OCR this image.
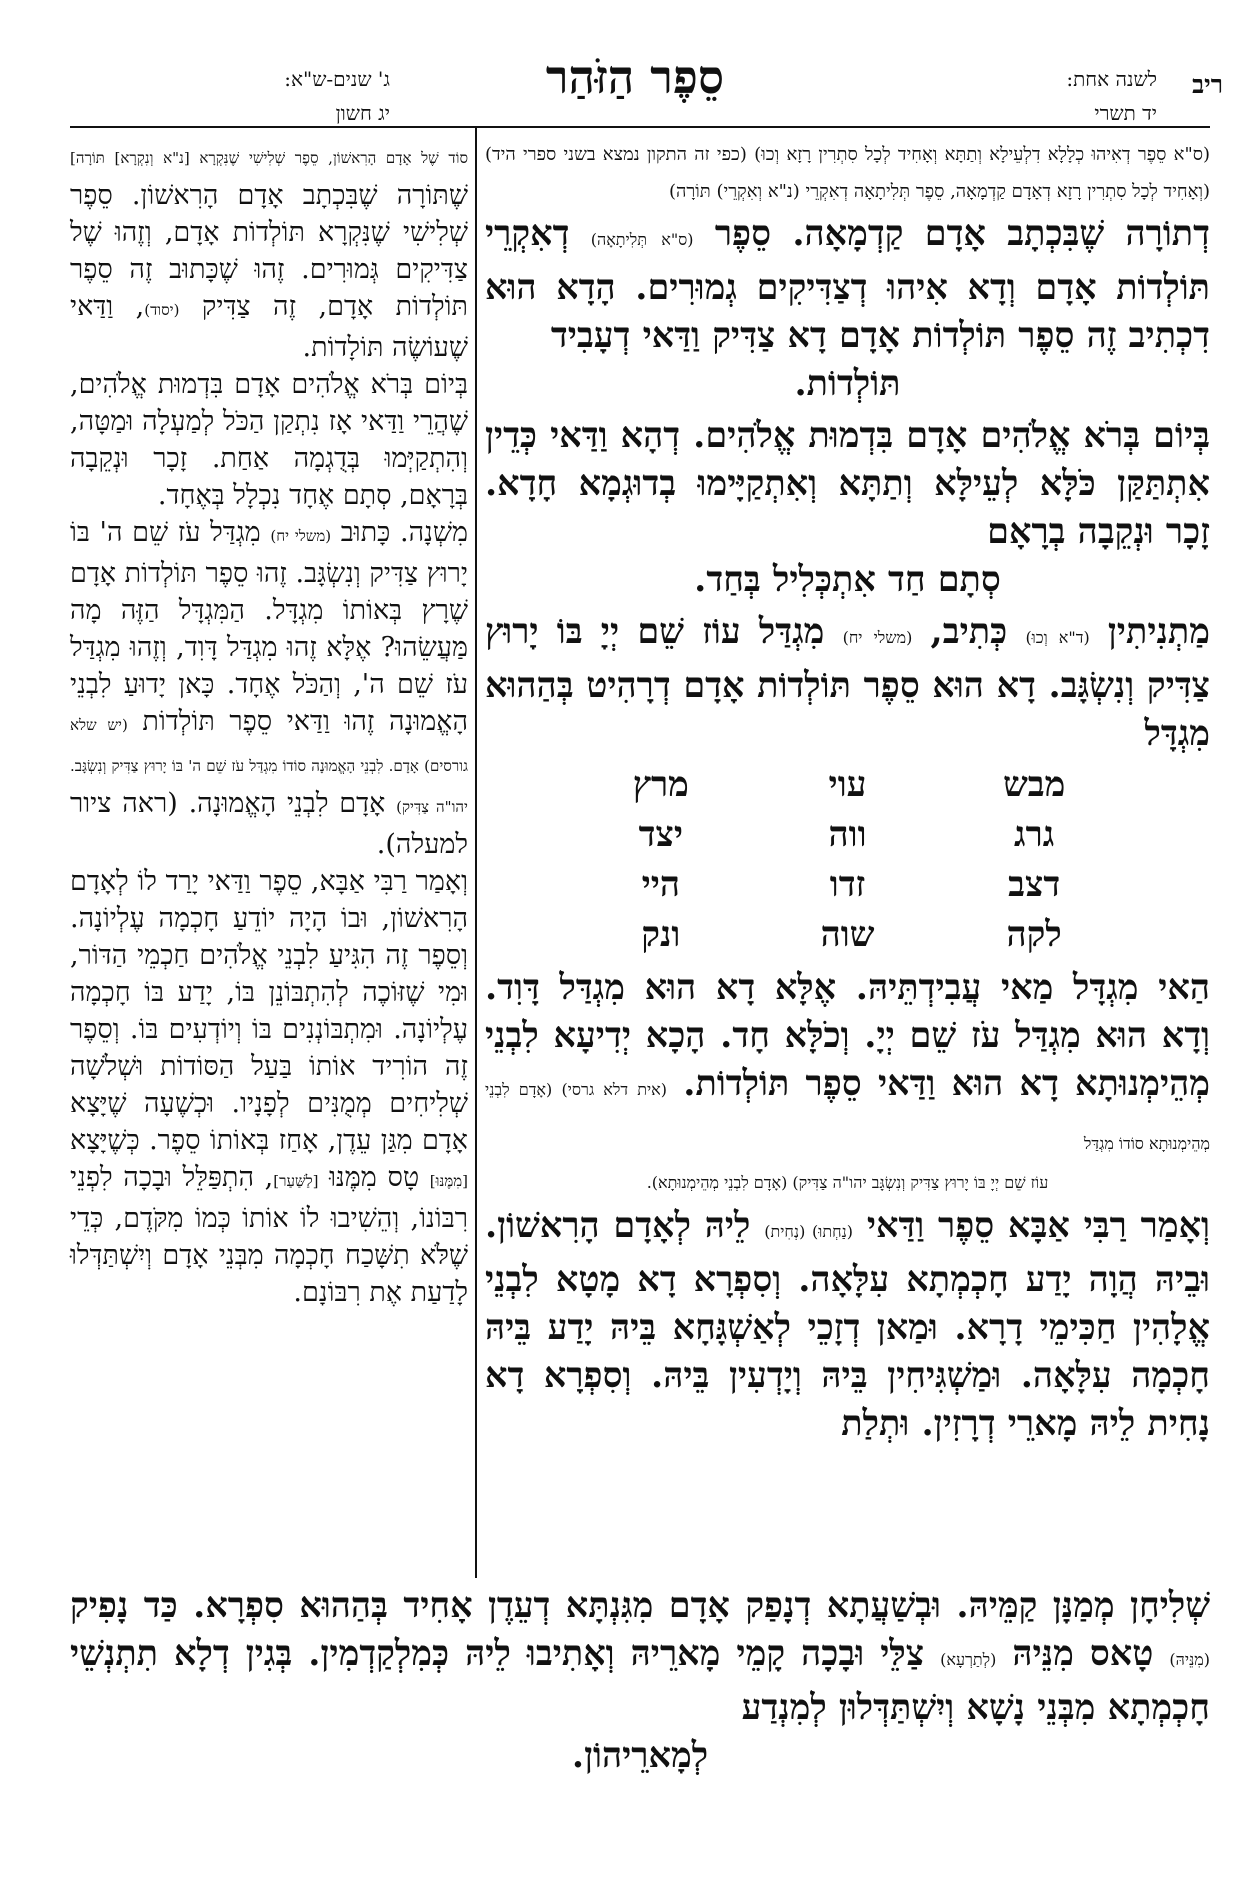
ריב
לשנה אחת:
יד תשרי
סֵפֶר הַזֹּהַר
ג' שנים-ש"א:
יג חשון

(ס"א סֵפֶר דְאִיהוּ כְלָלָא דִלְעֵילָא וְתַתָּא וְאָחִיד לְכָל סִתְרִין רָזָא וְכוּ) (כפי זה התקון נמצא בשני ספרי היד) (וְאָחִיד לְכָל סִתְרִין רָזָא דְאָדָם קַדְמָאָה, סֵפֶר תְּלִיתָאָה דְאִקְרֵי (נ"א וְאִקְרֵי) תּוֹרָה)

דְתוֹרָה שֶׁבִּכְתָב אָדָם קַדְמָאָה. סֵפֶר (ס"א תְּלִיתָאָה) דְאִקְרֵי תּוֹלְדוֹת אָדָם וְדָא אִיהוּ דְצַדִּיקִים גְמוּרִים. הָדָא הוּא דִכְתִיב זֶה סֵפֶר תּוֹלְדוֹת אָדָם דָא צַדִּיק וַדַּאי דְעָבִיד

תּוֹלְדוֹת.

בְּיוֹם בְּרֹא אֱלֹהִים אָדָם בִּדְמוּת אֱלֹהִים. דְהָא וַדַּאי כְּדֵין אִתְתַּקַּן כֹּלָּא לְעֵילָּא וְתַתָּא וְאִתְקַיָּימוּ בְדוּגְמָא חָדָא. זָכָר וּנְקֵבָה בְרָאָם

סְתָם חַד אִתְכְּלִיל בְּחַד.

מַתְנִיתִין (ד"א וְכוּ) כְּתִיב, (משלי יח) מִגְדַּל עוֹז שֵׁם יְיָ בּוֹ יָרוּץ צַדִּיק וְנִשְׂגָּב. דָא הוּא סֵפֶר תּוֹלְדוֹת אָדָם דְרָהִיט בְּהַהוּא מִגְדָּל

מבש
עוי
מרץ
גרג
ווה
יצד
דצב
זדו
היי
לקה
שוה
ונק

הַאי מִגְדָּל מַאי עֲבִידְתֵּיהּ. אֶלָּא דָא הוּא מִגְדַּל דָּוִד. וְדָא הוּא מִגְדַּל עֹז שֵׁם יְיָ. וְכֹלָּא חָד. הָכָא יְדִיעָא לִבְנֵי מְהֵימְנוּתָא דָא הוּא וַדַּאי סֵפֶר תּוֹלְדוֹת. (אית דלא גרסי) (אָדָם לִבְנֵי מְהֵימְנוּתָא סוֹדוֹ מִגְדַּל

עוֹז שֵׁם יְיָ בּוֹ יָרוּץ צַדִּיק וְנִשְׂגָּב יהו"ה צַדִּיק) (אָדָם לִבְנֵי מְהֵימְנוּתָא).

וְאָמַר רַבִּי אַבָּא סֵפֶר וַדַּאי (נַחְתוּ) (נְחִית) לֵיהּ לְאָדָם הָרִאשׁוֹן. וּבֵיהּ הֲוָה יָדַע חָכְמְתָא עִלָּאָה. וְסִפְרָא דָא מָטָא לִבְנֵי אֱלָהִין חַכִּימֵי דָרָא. וּמַאן דְזָכֵי לְאַשְׁגָּחָא בֵּיהּ יָדַע בֵּיהּ חָכְמָה עִלָּאָה. וּמַשְׁגִּיחִין בֵּיהּ וְיָדְעִין בֵּיהּ. וְסִפְרָא דָא נָחִית לֵיהּ מָארֵי דְרָזִין. וּתְלַת

סוֹד שֶׁל אָדָם הָרִאשׁוֹן, סֵפֶר שְׁלִישִׁי שֶׁנִּקְרָא [נ"א וְנִקְרָא] תּוֹרָה] שֶׁתּוֹרָה שֶׁבִּכְתָב אָדָם הָרִאשׁוֹן. סֵפֶר שְׁלִישִׁי שֶׁנִּקְרָא תּוֹלְדוֹת אָדָם, וְזֶהוּ שֶׁל צַדִּיקִים גְּמוּרִים. זֶהוּ שֶׁכָּתוּב זֶה סֵפֶר תּוֹלְדוֹת אָדָם, זֶה צַדִּיק (יסוד), וַדַּאי שֶׁעוֹשֶׂה תּוֹלָדוֹת.

בְּיוֹם בְּרֹא אֱלֹהִים אָדָם בִּדְמוּת אֱלֹהִים, שֶׁהֲרֵי וַדַּאי אָז נִתְקַן הַכֹּל לְמַעְלָה וּמַטָּה, וְהִתְקַיְּמוּ בְּדֻגְמָה אַחַת. זָכָר וּנְקֵבָה בְּרָאָם, סְתָם אֶחָד נִכְלָל בְּאֶחָד.

מִשְׁנָה. כָּתוּב (משלי יח) מִגְדַּל עֹז שֵׁם ה' בּוֹ יָרוּץ צַדִּיק וְנִשְׂגָּב. זֶהוּ סֵפֶר תּוֹלְדוֹת אָדָם שֶׁרָץ בְּאוֹתוֹ מִגְדָּל. הַמִּגְדָּל הַזֶּה מָה מַּעֲשֵׂהוּ? אֶלָּא זֶהוּ מִגְדַּל דָּוִד, וְזֶהוּ מִגְדַּל עֹז שֵׁם ה', וְהַכֹּל אֶחָד. כָּאן יָדוּעַ לִבְנֵי הָאֱמוּנָה זֶהוּ וַדַּאי סֵפֶר תּוֹלְדוֹת (יש שלא גורסים) אָדָם. לִבְנֵי הָאֱמוּנָה סוֹדוֹ מִגְדַּל עֹז שֵׁם ה' בּוֹ יָרוּץ צַדִּיק וְנִשְׂגָּב. יהו"ה צַדִּיק) אָדָם לִבְנֵי הָאֱמוּנָה. (ראה ציור למעלה).

וְאָמַר רַבִּי אַבָּא, סֵפֶר וַדַּאי יָרַד לוֹ לְאָדָם הָרִאשׁוֹן, וּבוֹ הָיָה יוֹדֵעַ חָכְמָה עֶלְיוֹנָה. וְסֵפֶר זֶה הִגִּיעַ לִבְנֵי אֱלֹהִים חַכְמֵי הַדּוֹר, וּמִי שֶׁזּוֹכֶה לְהִתְבּוֹנֵן בּוֹ, יָדַע בּוֹ חָכְמָה עֶלְיוֹנָה. וּמִתְבּוֹנְנִים בּוֹ וְיוֹדְעִים בּוֹ. וְסֵפֶר זֶה הוֹרִיד אוֹתוֹ בַּעַל הַסּוֹדוֹת וּשְׁלֹשָׁה שְׁלִיחִים מְמֻנִּים לְפָנָיו. וּכְשֶׁעָה שֶׁיָּצָא אָדָם מִגַּן עֵדֶן, אָחַז בְּאוֹתוֹ סֵפֶר. כְּשֶׁיָּצָא [מִמֶּנּוּ] טָס מִמֶּנּוּ [לַשַּׁעַר], הִתְפַּלֵּל וּבָכָה לִפְנֵי רִבּוֹנוֹ, וְהֵשִׁיבוּ לוֹ אוֹתוֹ כְּמוֹ מִקֹּדֶם, כְּדֵי שֶׁלֹּא תִשָּׁכַח חָכְמָה מִבְּנֵי אָדָם וְיִשְׁתַּדְּלוּ לָדַעַת אֶת רִבּוֹנָם.

שְׁלִיחָן מְמַנָּן קַמֵּיהּ. וּבְשַׁעֲתָא דְנָפַק אָדָם מִגִּנְתָּא דְעֵדֶן אָחִיד בְּהַהוּא סִפְרָא. כַּד נָפִיק (מִנֵּיהּ) טָאס מִנֵּיהּ (לְתַרְעָא) צַלֵּי וּבָכָה קָמֵי מָארֵיהּ וְאָתִיבוּ לֵיהּ כְּמִלְקַדְמִין. בְּגִין דְלָא תִתְנְשֵׁי חָכְמְתָא מִבְּנֵי נָשָׁא וְיִשְׁתַּדְּלוּן לְמִנְדַע

לְמָארֵיהוֹן.
